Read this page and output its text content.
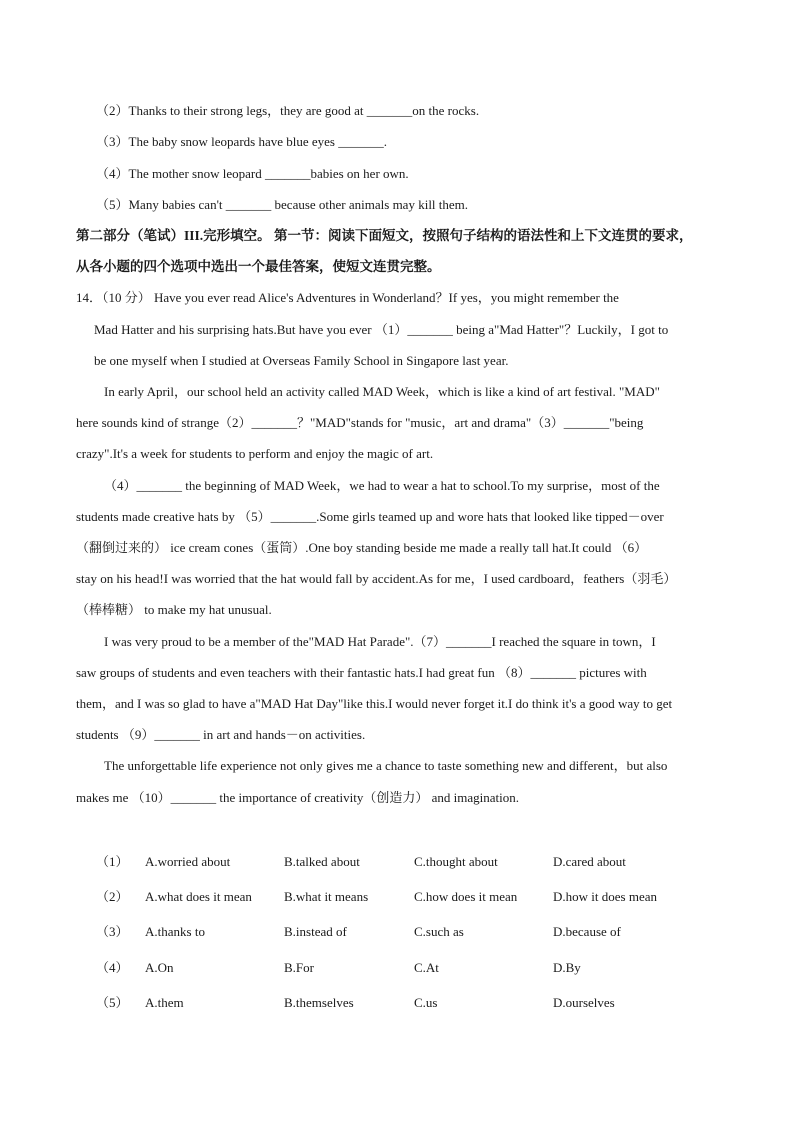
（2）Thanks to their strong legs，they are good at _______on the rocks.
（3）The baby snow leopards have blue eyes _______.
（4）The mother snow leopard _______babies on her own.
（5）Many babies can't _______ because other animals may kill them.
第二部分（笔试）III.完形填空。 第一节：阅读下面短文，按照句子结构的语法性和上下文连贯的要求，
从各小题的四个选项中选出一个最佳答案，使短文连贯完整。
14．（10 分） Have you ever read Alice's Adventures in Wonderland？If yes，you might remember the
Mad Hatter and his surprising hats.But have you ever （1）_______ being a"Mad Hatter"？Luckily，I got to
be one myself when I studied at Overseas Family School in Singapore last year.
In early April，our school held an activity called MAD Week，which is like a kind of art festival. "MAD"
here sounds kind of strange（2）_______？"MAD"stands for "music，art and drama"（3）_______"being
crazy".It's a week for students to perform and enjoy the magic of art.
（4）_______ the beginning of MAD Week，we had to wear a hat to school.To my surprise，most of the
students made creative hats by （5）_______.Some girls teamed up and wore hats that looked like tipped－over
（翻倒过来的） ice cream cones（蛋筒）.One boy standing beside me made a really tall hat.It could （6）
stay on his head!I was worried that the hat would fall by accident.As for me，I used cardboard，feathers（羽毛）
（棒棒糖） to make my hat unusual.
I was very proud to be a member of the"MAD Hat Parade".（7）_______I reached the square in town，I
saw groups of students and even teachers with their fantastic hats.I had great fun （8）_______ pictures with
them，and I was so glad to have a"MAD Hat Day"like this.I would never forget it.I do think it's a good way to get
students （9）_______ in art and hands－on activities.
The unforgettable life experience not only gives me a chance to taste something new and different，but also
makes me （10）_______ the importance of creativity（创造力） and imagination.
（1） A.worried about	B.talked about	C.thought about	D.cared about
（2） A.what does it mean B.what it means	C.how does it mean	D.how it does mean
（3） A.thanks to	B.instead of	C.such as	D.because of
（4） A.On	B.For	C.At	D.By
（5） A.them	B.themselves	C.us	D.ourselves
